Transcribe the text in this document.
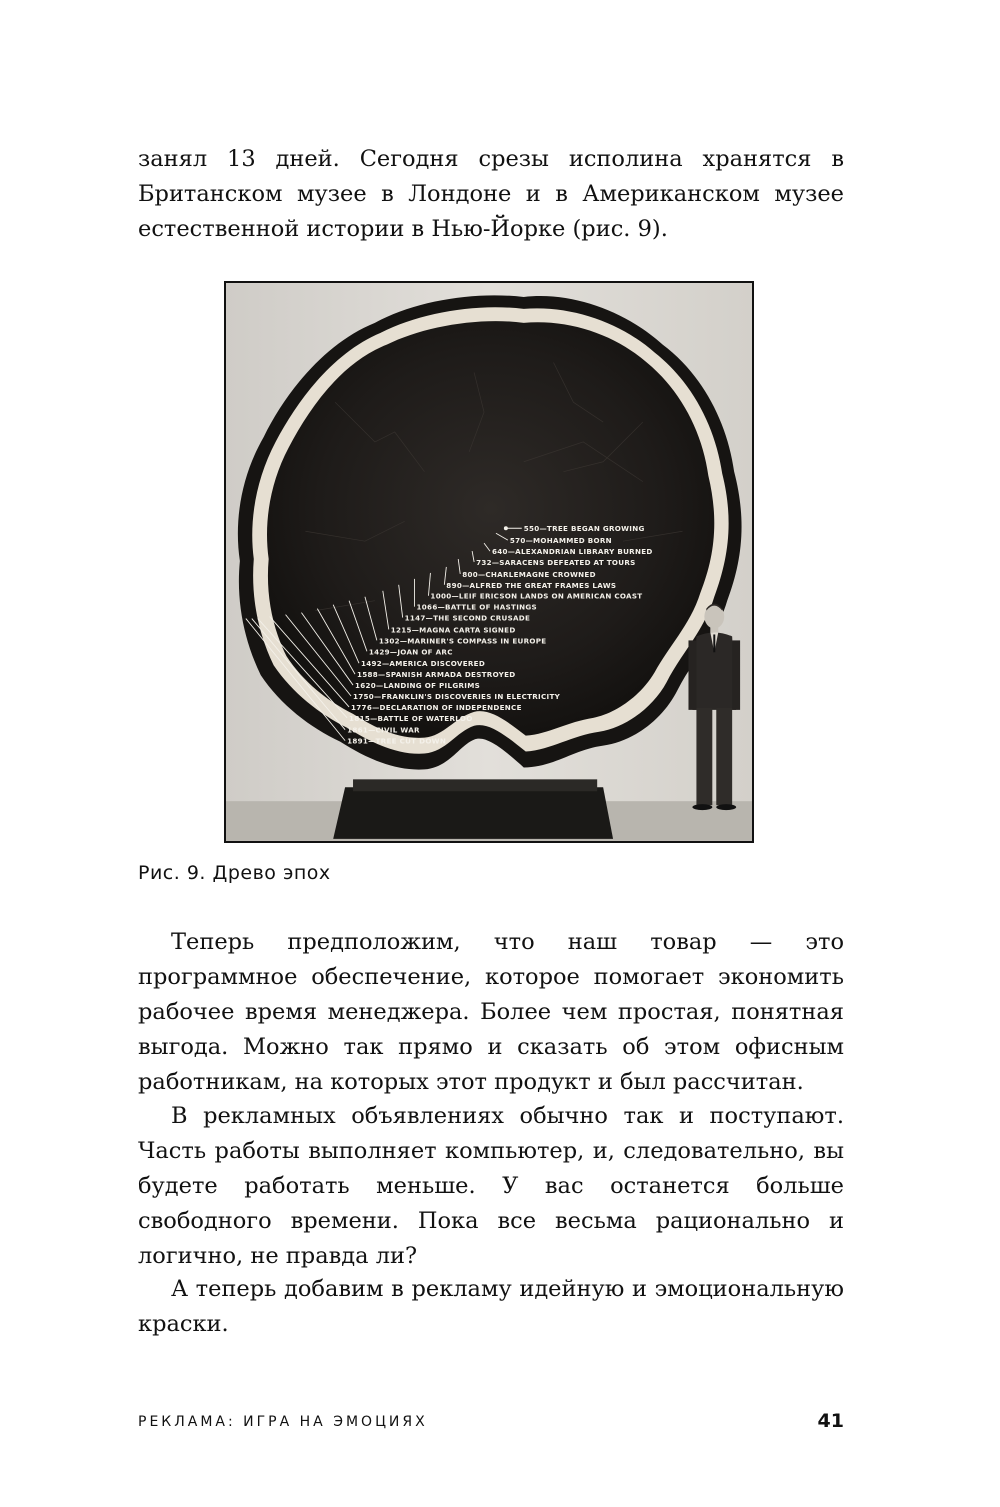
занял 13 дней. Сегодня срезы исполина хранятся в Британском музее в Лондоне и в Американском музее естественной истории в Нью-Йорке (рис. 9).

550—TREE BEGAN GROWING
570—MOHAMMED BORN
640—ALEXANDRIAN LIBRARY BURNED
732—SARACENS DEFEATED AT TOURS
800—CHARLEMAGNE CROWNED
890—ALFRED THE GREAT FRAMES LAWS
1000—LEIF ERICSON LANDS ON AMERICAN COAST
1066—BATTLE OF HASTINGS
1147—THE SECOND CRUSADE
1215—MAGNA CARTA SIGNED
1302—MARINER'S COMPASS IN EUROPE
1429—JOAN OF ARC
1492—AMERICA DISCOVERED
1588—SPANISH ARMADA DESTROYED
1620—LANDING OF PILGRIMS
1750—FRANKLIN'S DISCOVERIES IN ELECTRICITY
1776—DECLARATION OF INDEPENDENCE
1815—BATTLE OF WATERLOO
1861—CIVIL WAR
1891—TREE CUT DOWN

Рис. 9. Древо эпох

Теперь предположим, что наш товар — это программное обеспечение, которое помогает экономить рабочее время менеджера. Более чем простая, понятная выгода. Можно так прямо и сказать об этом офисным работникам, на которых этот продукт и был рассчитан.

В рекламных объявлениях обычно так и поступают. Часть работы выполняет компьютер, и, следовательно, вы будете работать меньше. У вас останется больше свободного времени. Пока все весьма рационально и логично, не правда ли?

А теперь добавим в рекламу идейную и эмоциональную краски.

РЕКЛАМА: ИГРА НА ЭМОЦИЯХ	41
